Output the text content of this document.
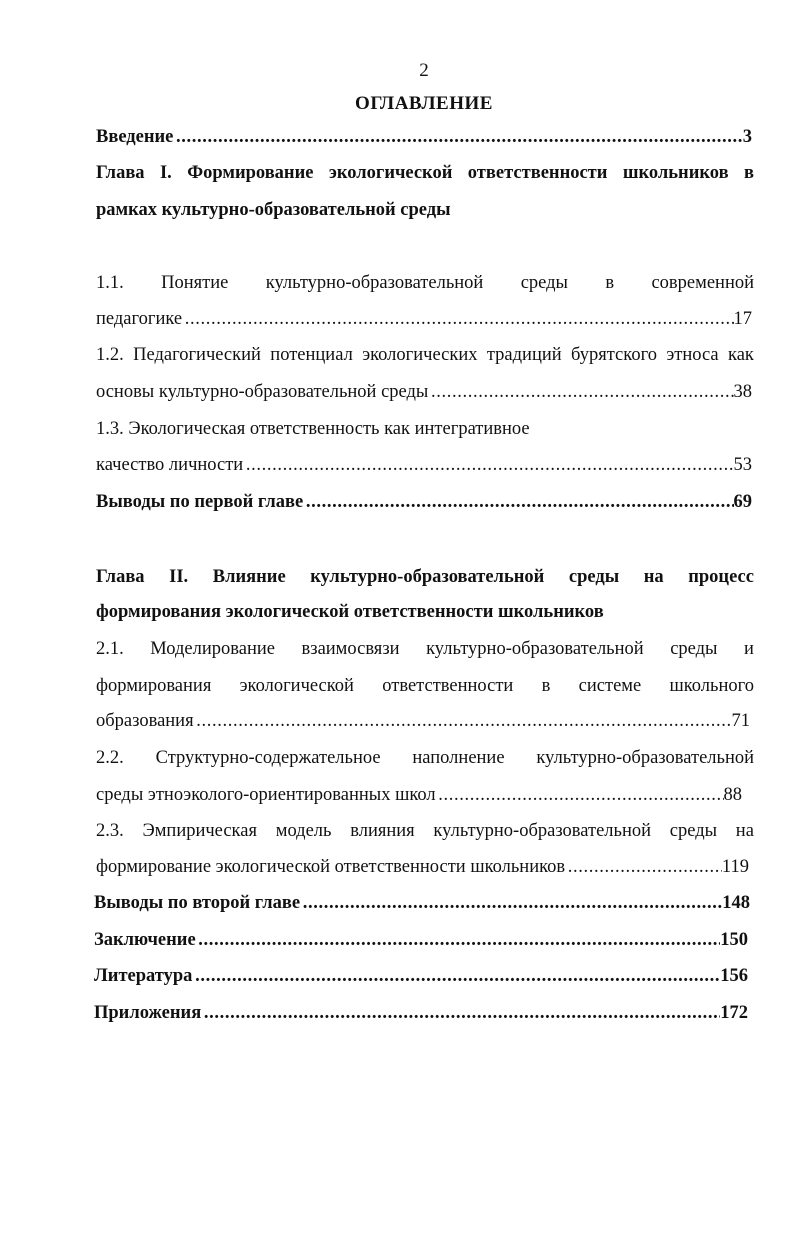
2
ОГЛАВЛЕНИЕ
Введение . . .	3
Глава I. Формирование экологической ответственности школьников в
рамках культурно-образовательной среды
1.1. Понятие культурно-образовательной среды в современной
педагогике . . .	17
1.2. Педагогический потенциал экологических традиций бурятского этноса как
основы культурно-образовательной среды . . .	38
1.3. Экологическая ответственность как интегративное
качество личности . . .	53
Выводы по первой главе . . .	69
Глава II. Влияние культурно-образовательной среды на процесс
формирования экологической ответственности школьников
2.1. Моделирование взаимосвязи культурно-образовательной среды и
формирования экологической ответственности в системе школьного
образования . . .	71
2.2. Структурно-содержательное наполнение культурно-образовательной
среды этноэколого-ориентированных школ . . .	88
2.3. Эмпирическая модель влияния культурно-образовательной среды на
формирование экологической ответственности школьников . . .	119
Выводы по второй главе . . .	148
Заключение . . .	150
Литература . . .	156
Приложения . . .	172
